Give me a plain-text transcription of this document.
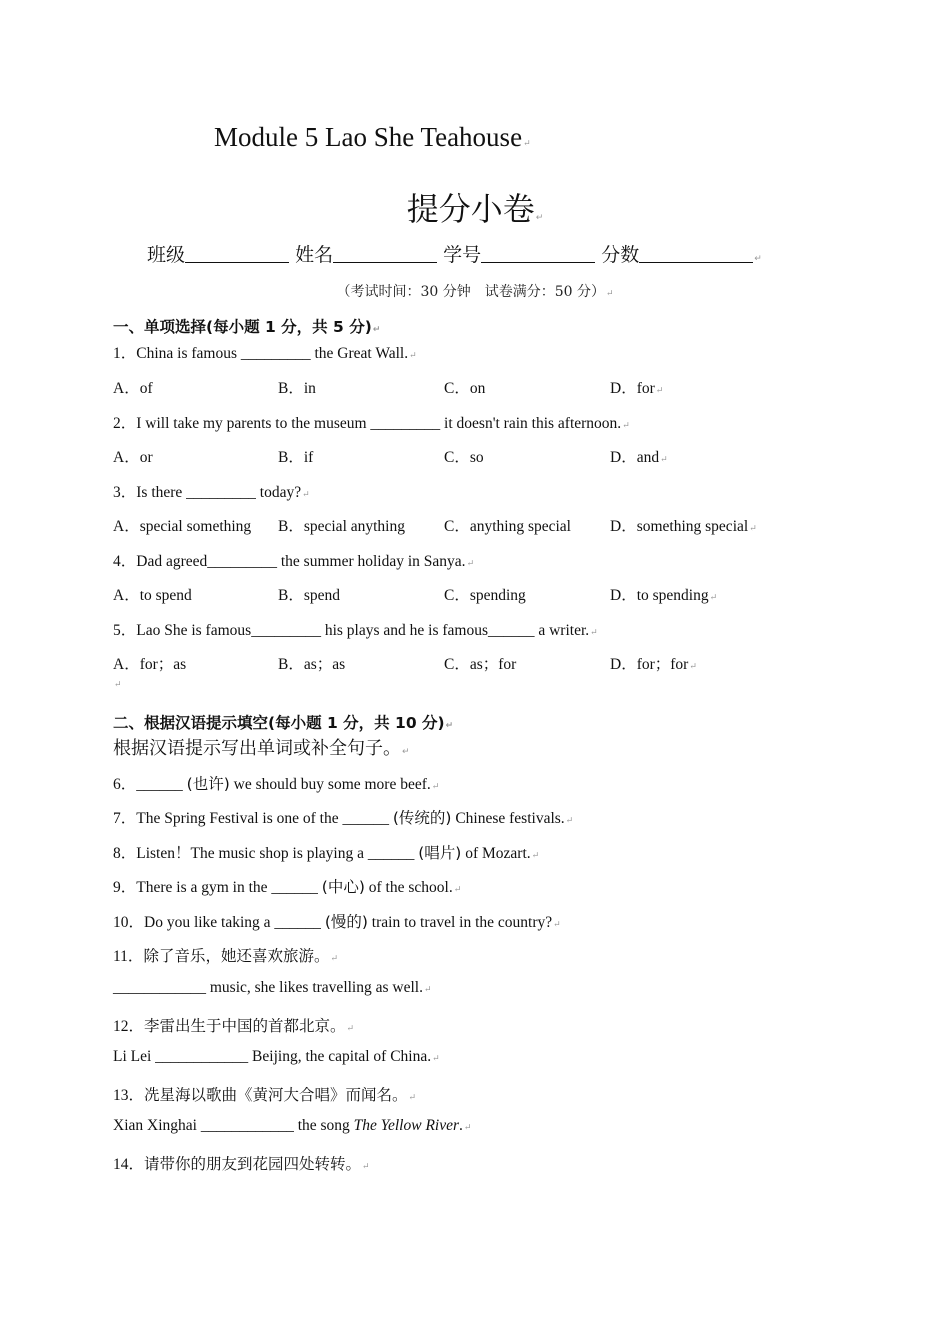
Module 5 Lao She Teahouse↵
提分小卷↵
班级	姓名	学号	分数	↵
（考试时间：30 分钟　试卷满分：50 分）↵
一、单项选择(每小题 1 分，共 5 分)↵
1．China is famous _________ the Great Wall.↵
A．of	B．in	C．on	D．for↵
2．I will take my parents to the museum _________ it doesn't rain this afternoon.↵
A．or	B．if	C．so	D．and↵
3．Is there _________ today?↵
A．special something B．special anything	C．anything special	D．something special↵
4．Dad agreed_________ the summer holiday in Sanya.↵
A．to spend	B．spend	C．spending	D．to spending↵
5．Lao She is famous_________ his plays and he is famous______ a writer.↵
A．for；as	B．as；as	C．as；for	D．for；for↵
↵
二、根据汉语提示填空(每小题 1 分，共 10 分)↵
根据汉语提示写出单词或补全句子。↵
6．______ (也许) we should buy some more beef.↵
7．The Spring Festival is one of the ______ (传统的) Chinese festivals.↵
8．Listen！The music shop is playing a ______ (唱片) of Mozart.↵
9．There is a gym in the ______ (中心) of the school.↵
10．Do you like taking a ______ (慢的) train to travel in the country?↵
11．除了音乐，她还喜欢旅游。↵
____________ music, she likes travelling as well.↵
12．李雷出生于中国的首都北京。↵
Li Lei ____________ Beijing, the capital of China.↵
13．冼星海以歌曲《黄河大合唱》而闻名。↵
Xian Xinghai ____________ the song The Yellow River.↵
14．请带你的朋友到花园四处转转。↵
